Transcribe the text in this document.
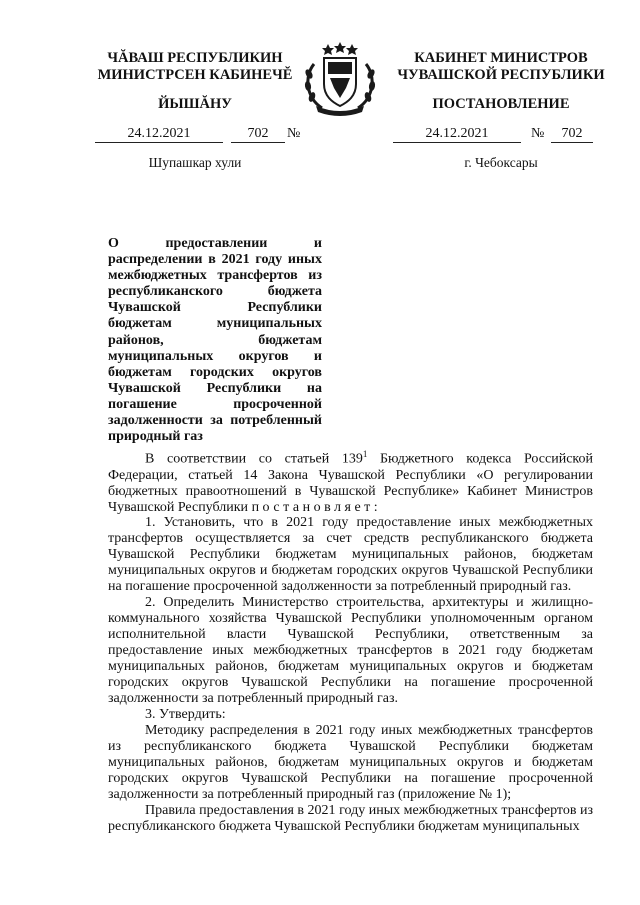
ЧĂВАШ РЕСПУБЛИКИН
МИНИСТРСЕН КАБИНЕЧĔ
КАБИНЕТ МИНИСТРОВ
ЧУВАШСКОЙ РЕСПУБЛИКИ
ЙЫШĂНУ	ПОСТАНОВЛЕНИЕ
24.12.2021	702	№	24.12.2021	№	702
Шупашкар хули	г. Чебоксары
О предоставлении и распределении в 2021 году иных межбюджетных трансфертов из республиканского бюджета Чувашской Республики бюджетам муниципальных районов, бюджетам муниципальных округов и бюджетам городских округов Чувашской Республики на погашение просроченной задолженности за потребленный природный газ

В соответствии со статьей $139^1$ Бюджетного кодекса Российской Федерации, статьей 14 Закона Чувашской Республики «О регулировании бюджетных правоотношений в Чувашской Республике» Кабинет Министров Чувашской Республики постановляет:

1. Установить, что в 2021 году предоставление иных межбюджетных трансфертов осуществляется за счет средств республиканского бюджета Чувашской Республики бюджетам муниципальных районов, бюджетам муниципальных округов и бюджетам городских округов Чувашской Республики на погашение просроченной задолженности за потребленный природный газ.

2. Определить Министерство строительства, архитектуры и жилищно-коммунального хозяйства Чувашской Республики уполномоченным органом исполнительной власти Чувашской Республики, ответственным за предоставление иных межбюджетных трансфертов в 2021 году бюджетам муниципальных районов, бюджетам муниципальных округов и бюджетам городских округов Чувашской Республики на погашение просроченной задолженности за потребленный природный газ.

3. Утвердить:

Методику распределения в 2021 году иных межбюджетных трансфертов из республиканского бюджета Чувашской Республики бюджетам муниципальных районов, бюджетам муниципальных округов и бюджетам городских округов Чувашской Республики на погашение просроченной задолженности за потребленный природный газ (приложение № 1);

Правила предоставления в 2021 году иных межбюджетных трансфертов из республиканского бюджета Чувашской Республики бюджетам муниципальных
